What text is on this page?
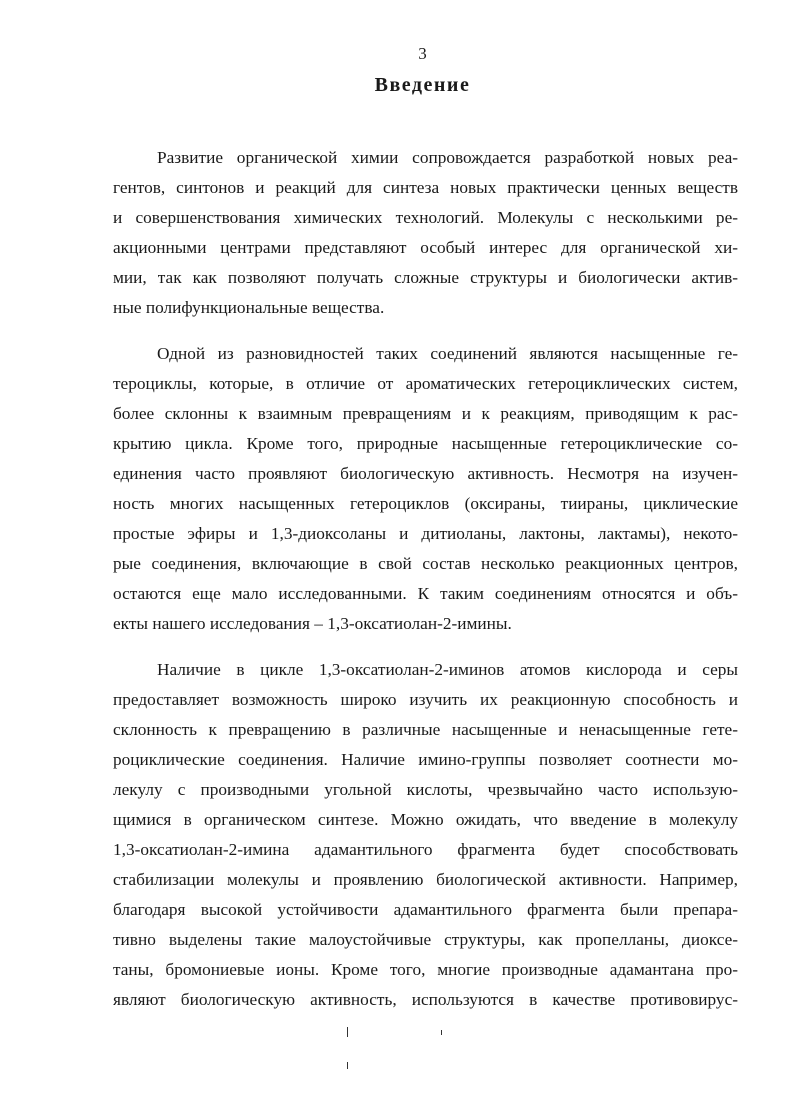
3
Введение
Развитие органической химии сопровождается разработкой новых реа-
гентов, синтонов и реакций для синтеза новых практически ценных веществ
и совершенствования химических технологий. Молекулы с несколькими ре-
акционными центрами представляют особый интерес для органической хи-
мии, так как позволяют получать сложные структуры и биологически актив-
ные полифункциональные вещества.
Одной из разновидностей таких соединений являются насыщенные ге-
тероциклы, которые, в отличие от ароматических гетероциклических систем,
более склонны к взаимным превращениям и к реакциям, приводящим к рас-
крытию цикла. Кроме того, природные насыщенные гетероциклические со-
единения часто проявляют биологическую активность. Несмотря на изучен-
ность многих насыщенных гетероциклов (оксираны, тиираны, циклические
простые эфиры и 1,3-диоксоланы и дитиоланы, лактоны, лактамы), некото-
рые соединения, включающие в свой состав несколько реакционных центров,
остаются еще мало исследованными. К таким соединениям относятся и объ-
екты нашего исследования – 1,3-оксатиолан-2-имины.
Наличие в цикле 1,3-оксатиолан-2-иминов атомов кислорода и серы
предоставляет возможность широко изучить их реакционную способность и
склонность к превращению в различные насыщенные и ненасыщенные гете-
роциклические соединения. Наличие имино-группы позволяет соотнести мо-
лекулу с производными угольной кислоты, чрезвычайно часто использую-
щимися в органическом синтезе. Можно ожидать, что введение в молекулу
1,3-оксатиолан-2-имина адамантильного фрагмента будет способствовать
стабилизации молекулы и проявлению биологической активности. Например,
благодаря высокой устойчивости адамантильного фрагмента были препара-
тивно выделены такие малоустойчивые структуры, как пропелланы, диоксе-
таны, бромониевые ионы. Кроме того, многие производные адамантана про-
являют биологическую активность, используются в качестве противовирус-
